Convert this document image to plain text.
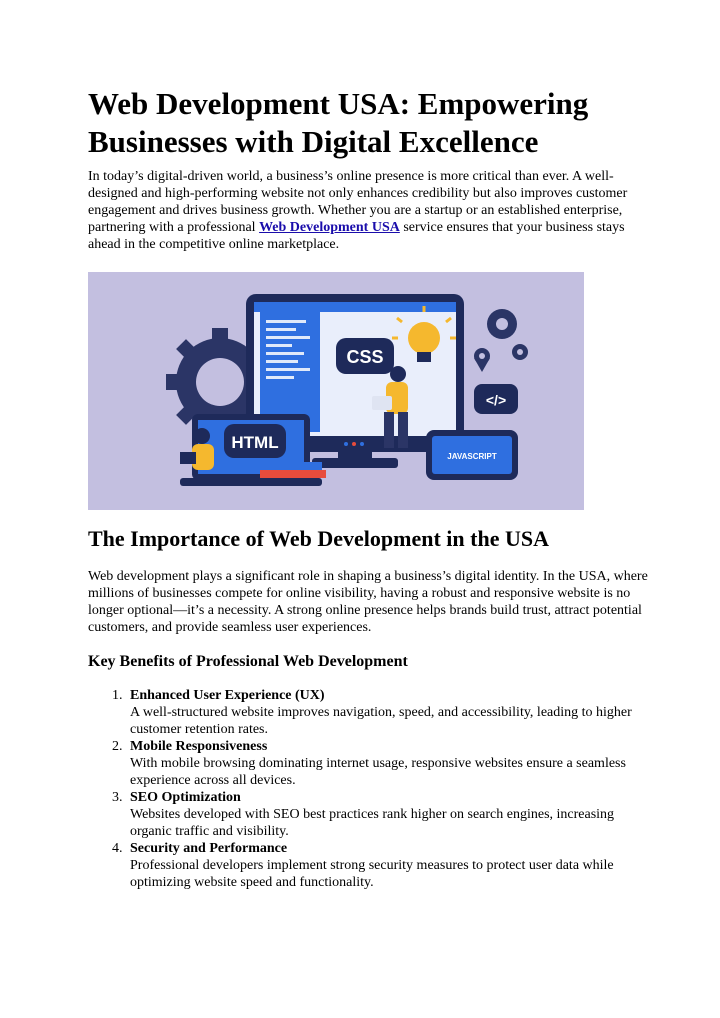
Web Development USA: Empowering Businesses with Digital Excellence

In today’s digital-driven world, a business’s online presence is more critical than ever. A well-designed and high-performing website not only enhances credibility but also improves customer engagement and drives business growth. Whether you are a startup or an established enterprise, partnering with a professional Web Development USA service ensures that your business stays ahead in the competitive online marketplace.

CSS
</>
HTML
JAVASCRIPT
The Importance of Web Development in the USA

Web development plays a significant role in shaping a business’s digital identity. In the USA, where millions of businesses compete for online visibility, having a robust and responsive website is no longer optional—it’s a necessity. A strong online presence helps brands build trust, attract potential customers, and provide seamless user experiences.

Key Benefits of Professional Web Development
1. Enhanced User Experience (UX)
A well-structured website improves navigation, speed, and accessibility, leading to higher customer retention rates.
2. Mobile Responsiveness
With mobile browsing dominating internet usage, responsive websites ensure a seamless experience across all devices.
3. SEO Optimization
Websites developed with SEO best practices rank higher on search engines, increasing organic traffic and visibility.
4. Security and Performance
Professional developers implement strong security measures to protect user data while optimizing website speed and functionality.
